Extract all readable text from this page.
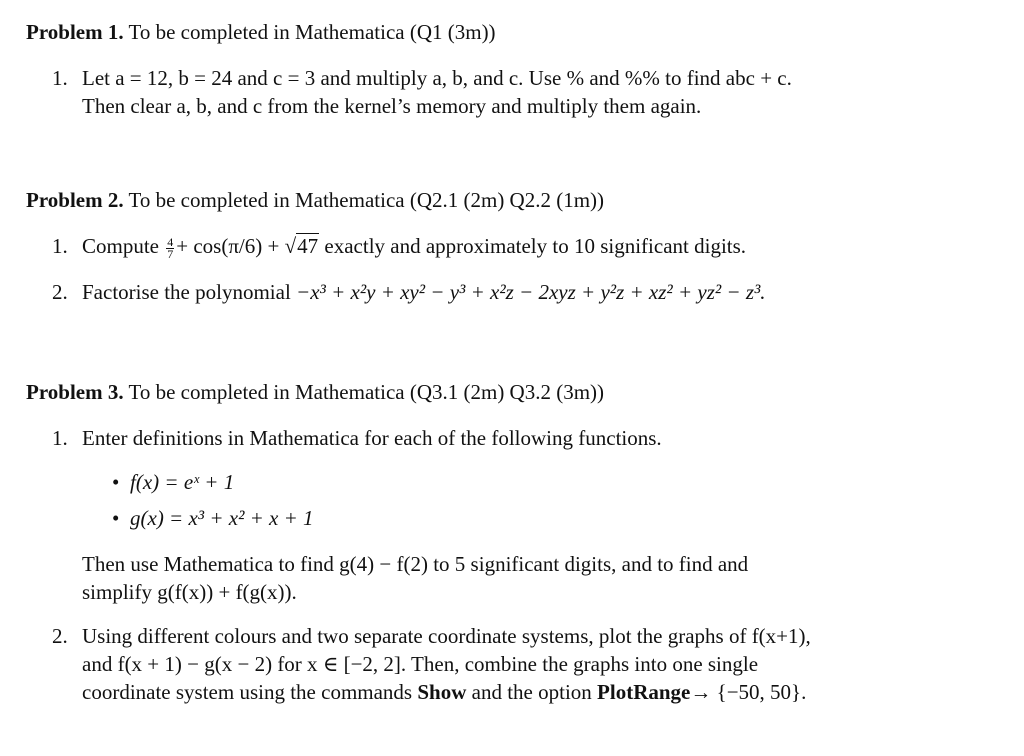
Problem 1. To be completed in Mathematica (Q1 (3m))

1. Let a = 12, b = 24 and c = 3 and multiply a, b, and c. Use % and %% to find abc + c.

Then clear a, b, and c from the kernel’s memory and multiply them again.

Problem 2. To be completed in Mathematica (Q2.1 (2m) Q2.2 (1m))

1. Compute $\frac{4}{7} + \cos(\pi/6) + √47$ exactly and approximately to 10 significant digits.

2. Factorise the polynomial −x³ + x²y + xy² − y³ + x²z − 2xyz + y²z + xz² + yz² − z³.

Problem 3. To be completed in Mathematica (Q3.1 (2m) Q3.2 (3m))

1. Enter definitions in Mathematica for each of the following functions.

• f(x) = eˣ + 1
• g(x) = x³ + x² + x + 1

Then use Mathematica to find g(4) − f(2) to 5 significant digits, and to find and

simplify g(f(x)) + f(g(x)).

2. Using different colours and two separate coordinate systems, plot the graphs of f(x+1),

and f(x + 1) − g(x − 2) for x ∈ [−2, 2]. Then, combine the graphs into one single

coordinate system using the commands Show and the option PlotRange→ {−50, 50}.
